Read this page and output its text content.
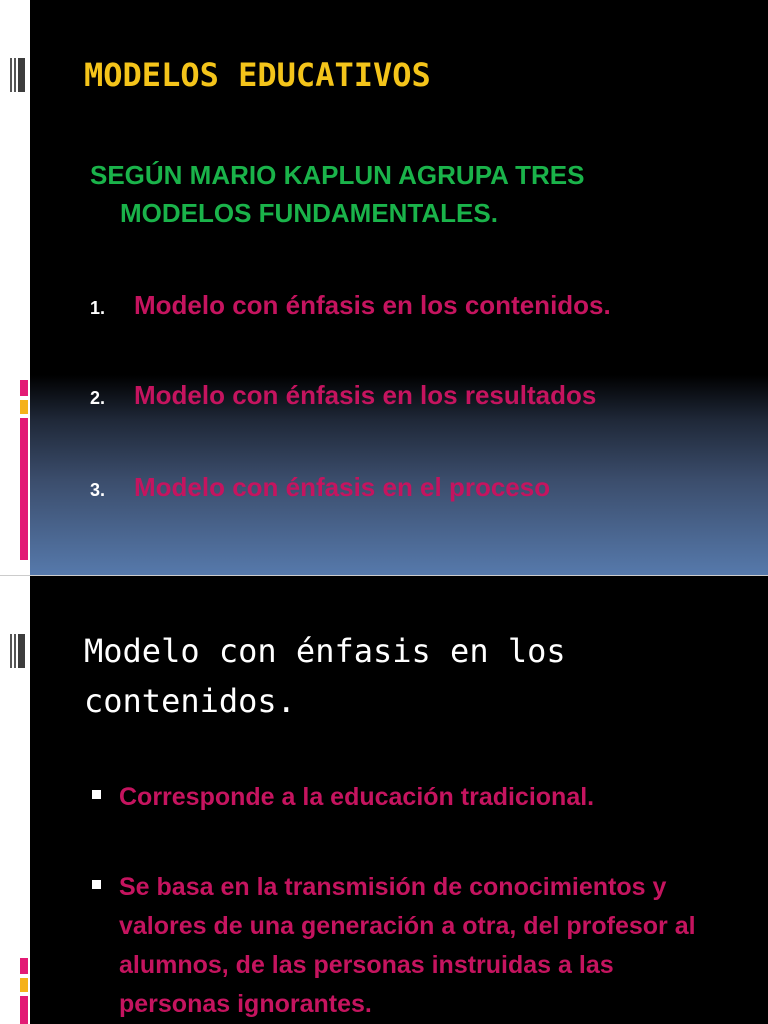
MODELOS EDUCATIVOS

SEGÚN MARIO KAPLUN AGRUPA TRES MODELOS FUNDAMENTALES.

1.	Modelo con énfasis en los contenidos.
2.	Modelo con énfasis en los resultados
3.	Modelo con énfasis en el proceso
Modelo con énfasis en los contenidos.
Corresponde a la educación tradicional.
Se basa en la transmisión de conocimientos y valores de una generación a otra, del profesor al alumnos, de las personas instruidas a las personas ignorantes.
